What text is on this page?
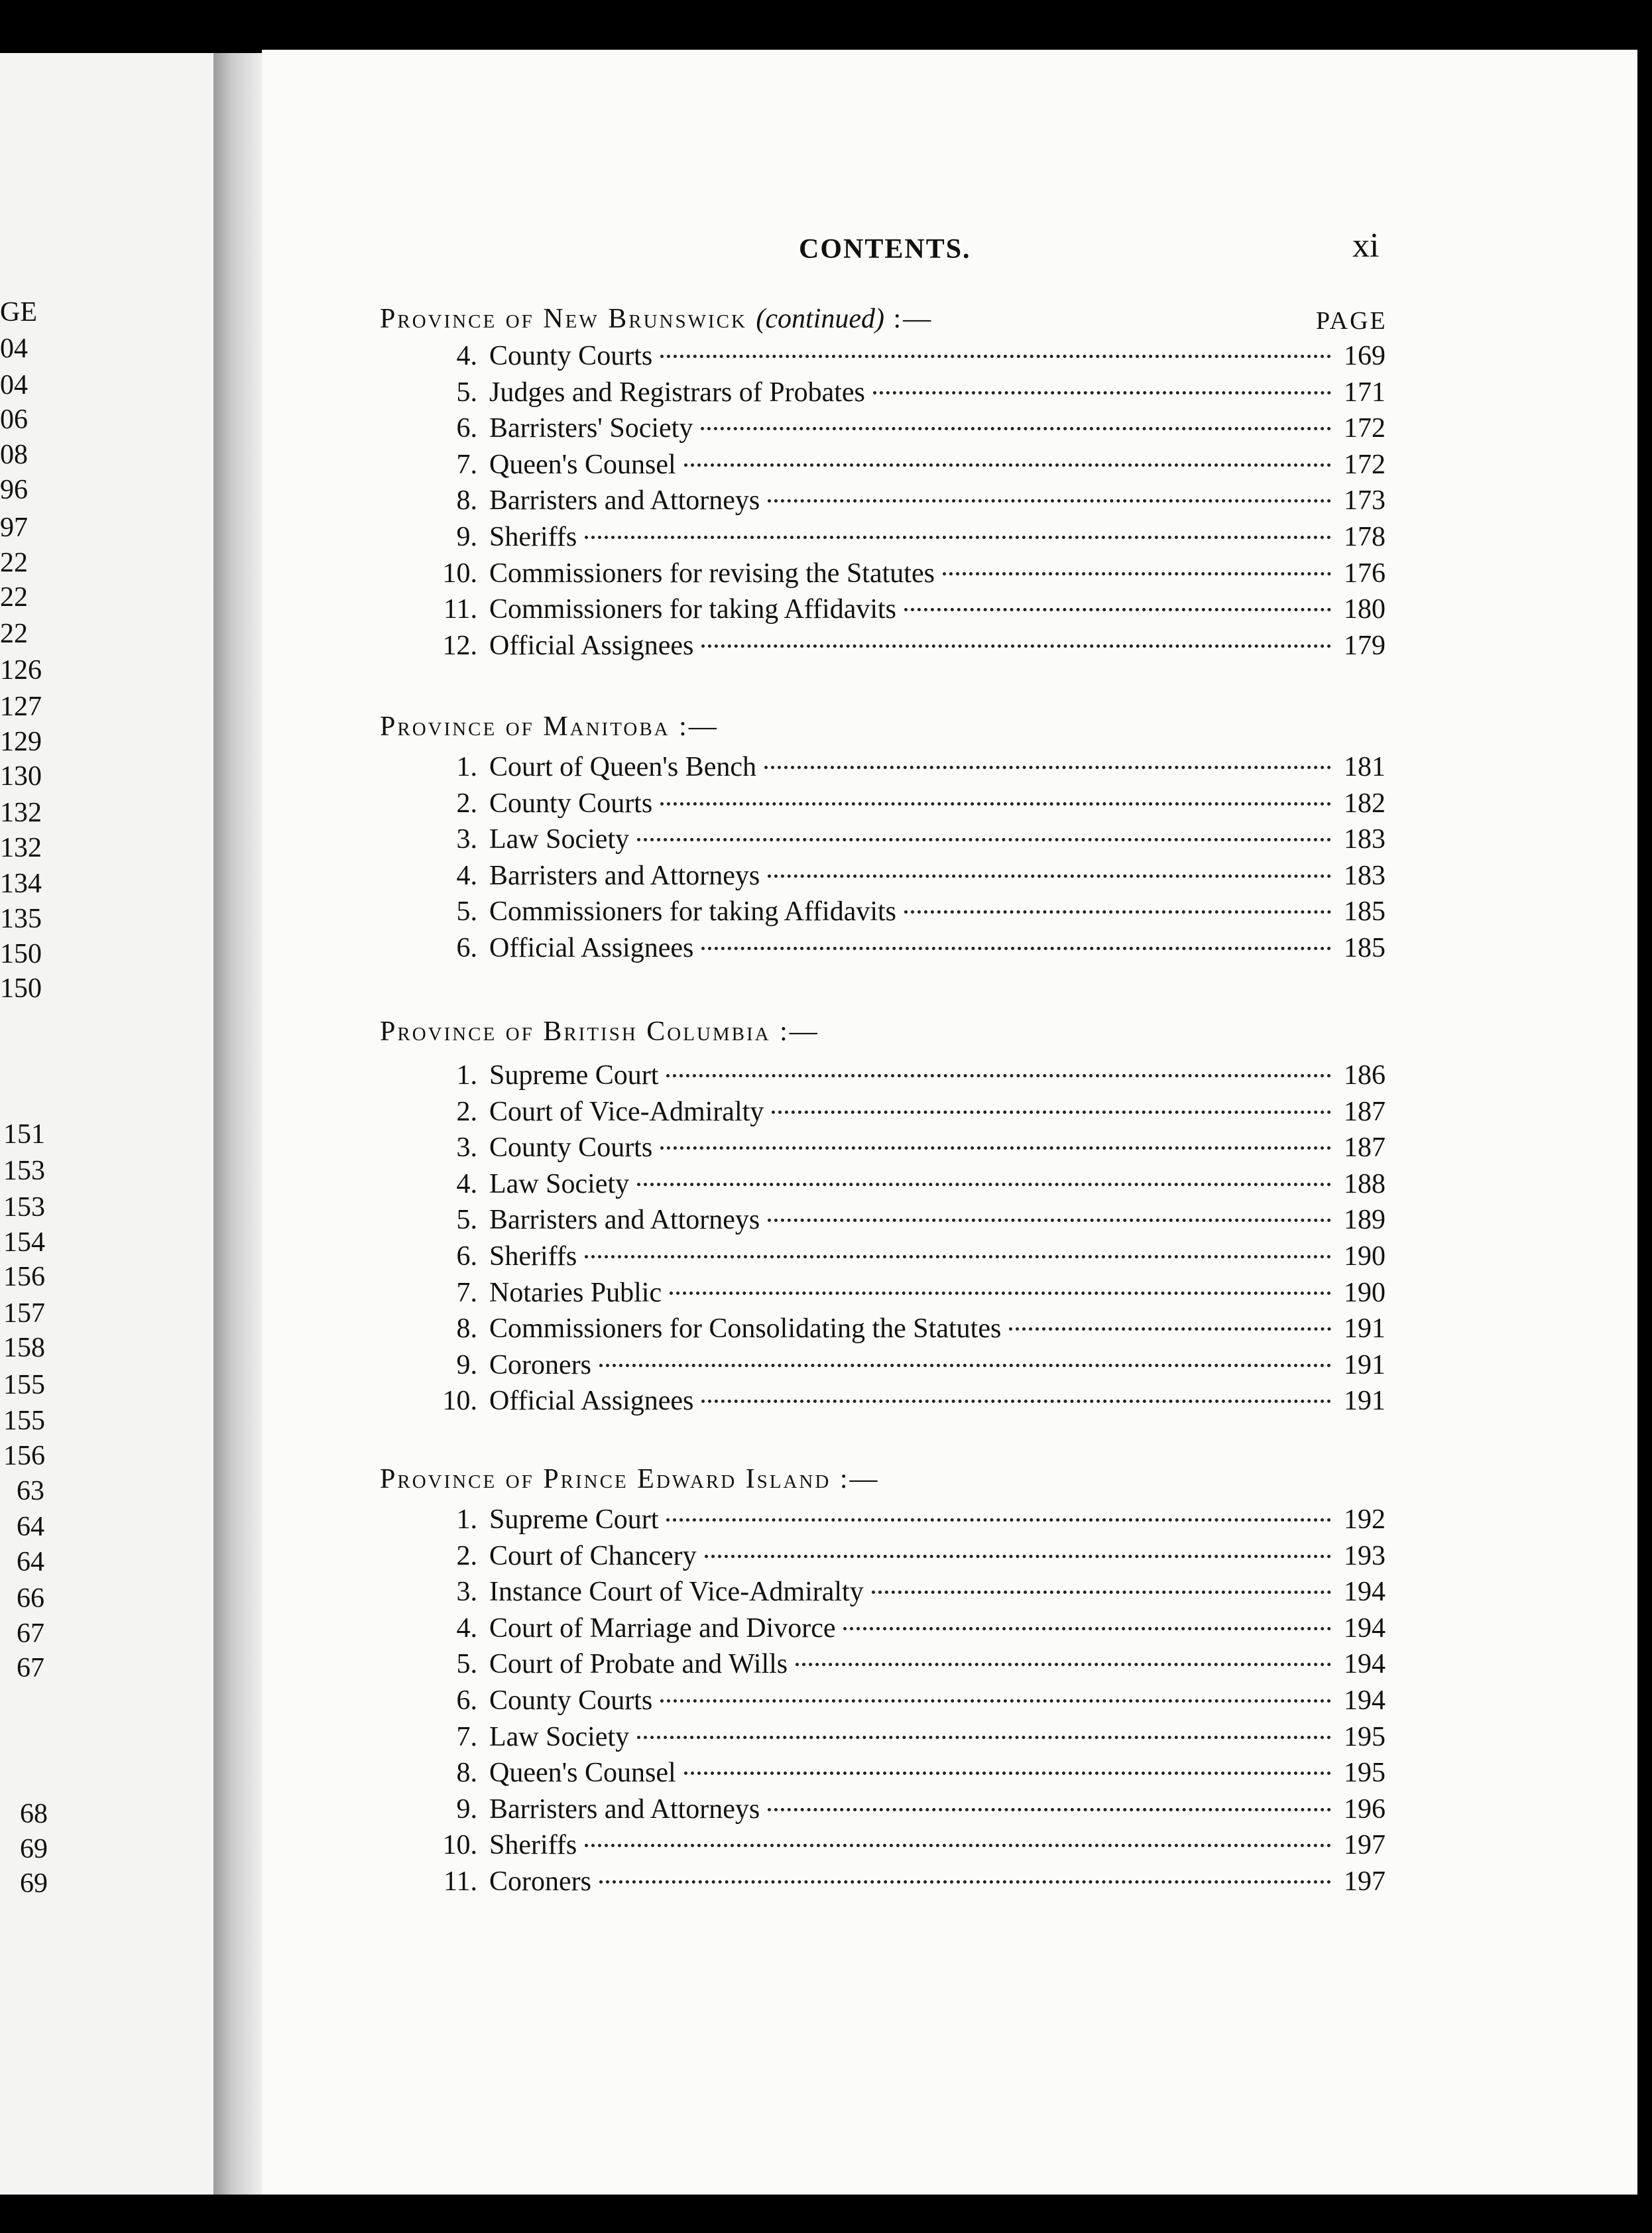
GE
04
04
06
08
96
97
22
22
22
126
127
129
130
132
132
134
135
150
150
151
153
153
154
156
157
158
155
155
156
63
64
64
66
67
67
68
69
69
CONTENTS.	xi
PAGE
Province of New Brunswick (continued) :—
4. County Courts	169
5. Judges and Registrars of Probates	171
6. Barristers' Society	172
7. Queen's Counsel	172
8. Barristers and Attorneys	173
9. Sheriffs	178
10. Commissioners for revising the Statutes	176
11. Commissioners for taking Affidavits	180
12. Official Assignees	179
Province of Manitoba :—
1. Court of Queen's Bench	181
2. County Courts	182
3. Law Society	183
4. Barristers and Attorneys	183
5. Commissioners for taking Affidavits	185
6. Official Assignees	185
Province of British Columbia :—
1. Supreme Court	186
2. Court of Vice-Admiralty	187
3. County Courts	187
4. Law Society	188
5. Barristers and Attorneys	189
6. Sheriffs	190
7. Notaries Public	190
8. Commissioners for Consolidating the Statutes	191
9. Coroners	191
10. Official Assignees	191
Province of Prince Edward Island :—
1. Supreme Court	192
2. Court of Chancery	193
3. Instance Court of Vice-Admiralty	194
4. Court of Marriage and Divorce	194
5. Court of Probate and Wills	194
6. County Courts	194
7. Law Society	195
8. Queen's Counsel	195
9. Barristers and Attorneys	196
10. Sheriffs	197
11. Coroners	197
